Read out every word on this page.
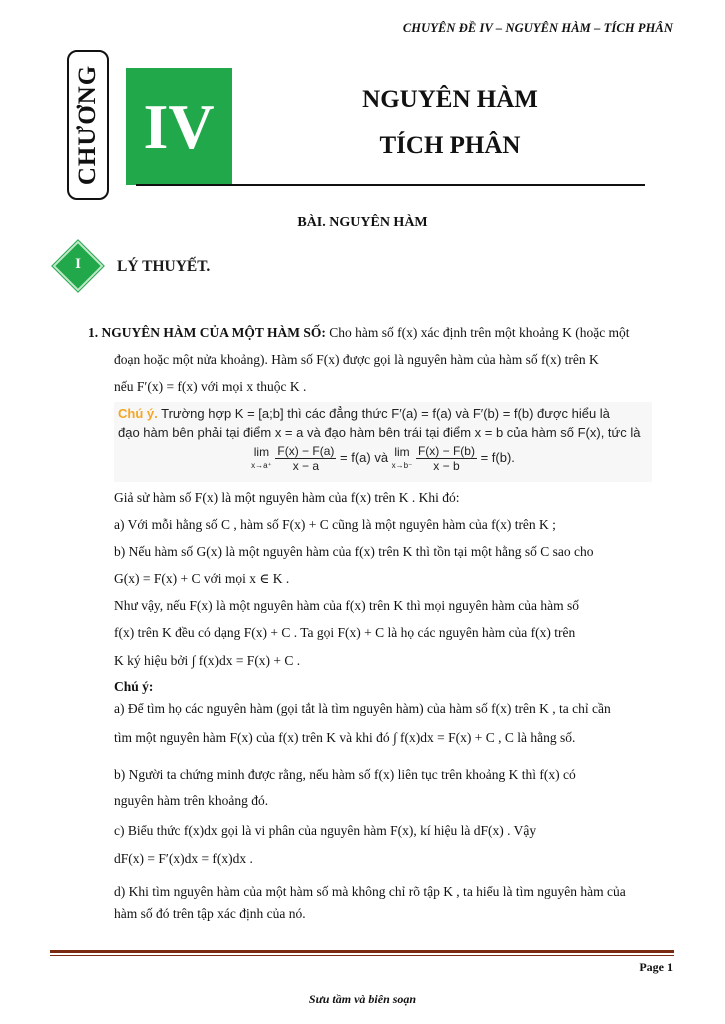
CHUYÊN ĐỀ IV – NGUYÊN HÀM – TÍCH PHÂN
CHƯƠNG IV	NGUYÊN HÀM
TÍCH PHÂN
BÀI. NGUYÊN HÀM
I	LÝ THUYẾT.
1. NGUYÊN HÀM CỦA MỘT HÀM SỐ: Cho hàm số f(x) xác định trên một khoảng K (hoặc một
đoạn hoặc một nửa khoảng). Hàm số F(x) được gọi là nguyên hàm của hàm số f(x) trên K
nếu F′(x) = f(x) với mọi x thuộc K .
Chú ý. Trường hợp K = [a;b] thì các đẳng thức F′(a) = f(a) và F′(b) = f(b) được hiểu là
đạo hàm bên phải tại điểm x = a và đạo hàm bên trái tại điểm x = b của hàm số F(x), tức là
lim
x→a⁺
$\frac{F(x) - F(a)}{x - a} = f(a)$ và lim
x→b⁻
$\frac{F(x) - F(b)}{x - b} = f(b)$.
Giả sử hàm số F(x) là một nguyên hàm của f(x) trên K . Khi đó:
a) Với mỗi hằng số C , hàm số F(x) + C cũng là một nguyên hàm của f(x) trên K ;
b) Nếu hàm số G(x) là một nguyên hàm của f(x) trên K thì tồn tại một hằng số C sao cho
G(x) = F(x) + C với mọi x ∈ K .
Như vậy, nếu F(x) là một nguyên hàm của f(x) trên K thì mọi nguyên hàm của hàm số
f(x) trên K đều có dạng F(x) + C . Ta gọi F(x) + C là họ các nguyên hàm của f(x) trên
K ký hiệu bởi ∫ f(x)dx = F(x) + C .
Chú ý:
a) Để tìm họ các nguyên hàm (gọi tắt là tìm nguyên hàm) của hàm số f(x) trên K , ta chỉ cần
tìm một nguyên hàm F(x) của f(x) trên K và khi đó ∫ f(x)dx = F(x) + C , C là hằng số.
b) Người ta chứng minh được rằng, nếu hàm số f(x) liên tục trên khoảng K thì f(x) có
nguyên hàm trên khoảng đó.
c) Biểu thức f(x)dx gọi là vi phân của nguyên hàm F(x), kí hiệu là dF(x) . Vậy
dF(x) = F′(x)dx = f(x)dx .
d) Khi tìm nguyên hàm của một hàm số mà không chỉ rõ tập K , ta hiểu là tìm nguyên hàm của
hàm số đó trên tập xác định của nó.
Page 1
Sưu tầm và biên soạn
